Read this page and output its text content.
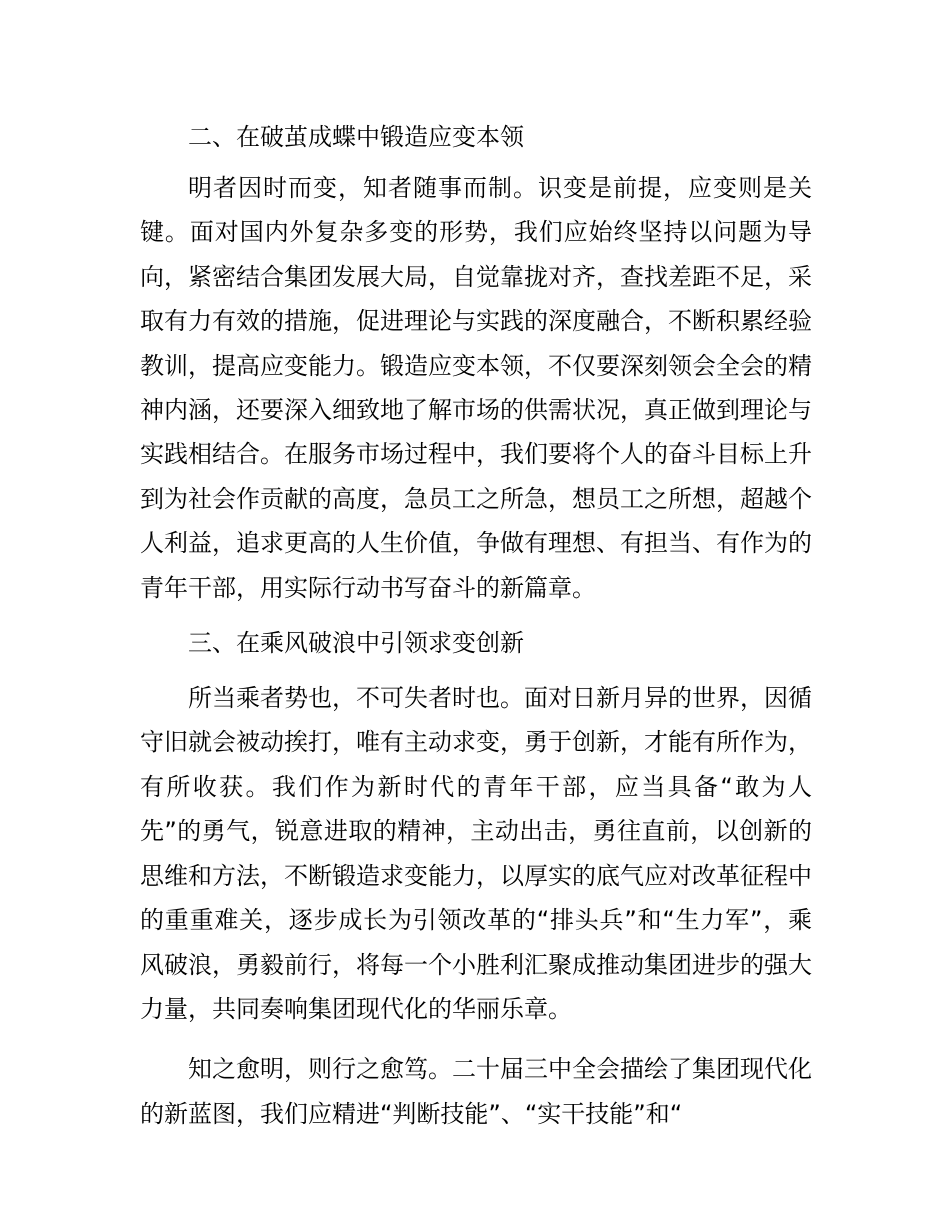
二、在破茧成蝶中锻造应变本领

明者因时而变，知者随事而制。识变是前提，应变则是关键。面对国内外复杂多变的形势，我们应始终坚持以问题为导向，紧密结合集团发展大局，自觉靠拢对齐，查找差距不足，采取有力有效的措施，促进理论与实践的深度融合，不断积累经验教训，提高应变能力。锻造应变本领，不仅要深刻领会全会的精神内涵，还要深入细致地了解市场的供需状况，真正做到理论与实践相结合。在服务市场过程中，我们要将个人的奋斗目标上升到为社会作贡献的高度，急员工之所急，想员工之所想，超越个人利益，追求更高的人生价值，争做有理想、有担当、有作为的青年干部，用实际行动书写奋斗的新篇章。

三、在乘风破浪中引领求变创新

所当乘者势也，不可失者时也。面对日新月异的世界，因循守旧就会被动挨打，唯有主动求变，勇于创新，才能有所作为，有所收获。我们作为新时代的青年干部，应当具备“敢为人先”的勇气，锐意进取的精神，主动出击，勇往直前，以创新的思维和方法，不断锻造求变能力，以厚实的底气应对改革征程中的重重难关，逐步成长为引领改革的“排头兵”和“生力军”，乘风破浪，勇毅前行，将每一个小胜利汇聚成推动集团进步的强大力量，共同奏响集团现代化的华丽乐章。

知之愈明，则行之愈笃。二十届三中全会描绘了集团现代化的新蓝图，我们应精进“判断技能”、“实干技能”和“
